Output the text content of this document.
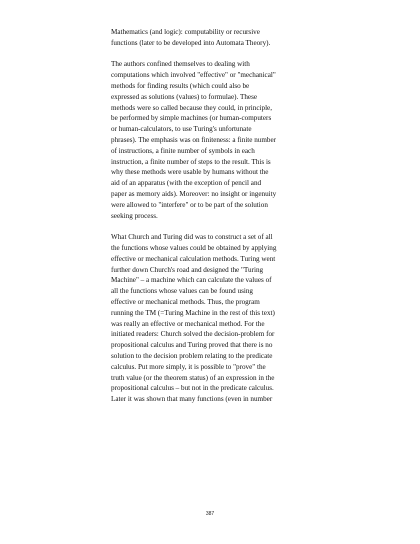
Mathematics (and logic): computability or recursive
functions (later to be developed into Automata Theory).

The authors confined themselves to dealing with
computations which involved "effective" or "mechanical"
methods for finding results (which could also be
expressed as solutions (values) to formulae). These
methods were so called because they could, in principle,
be performed by simple machines (or human-computers
or human-calculators, to use Turing's unfortunate
phrases). The emphasis was on finiteness: a finite number
of instructions, a finite number of symbols in each
instruction, a finite number of steps to the result. This is
why these methods were usable by humans without the
aid of an apparatus (with the exception of pencil and
paper as memory aids). Moreover: no insight or ingenuity
were allowed to "interfere" or to be part of the solution
seeking process.

What Church and Turing did was to construct a set of all
the functions whose values could be obtained by applying
effective or mechanical calculation methods. Turing went
further down Church's road and designed the "Turing
Machine" – a machine which can calculate the values of
all the functions whose values can be found using
effective or mechanical methods. Thus, the program
running the TM (=Turing Machine in the rest of this text)
was really an effective or mechanical method. For the
initiated readers: Church solved the decision-problem for
propositional calculus and Turing proved that there is no
solution to the decision problem relating to the predicate
calculus. Put more simply, it is possible to "prove" the
truth value (or the theorem status) of an expression in the
propositional calculus – but not in the predicate calculus.
Later it was shown that many functions (even in number

387
